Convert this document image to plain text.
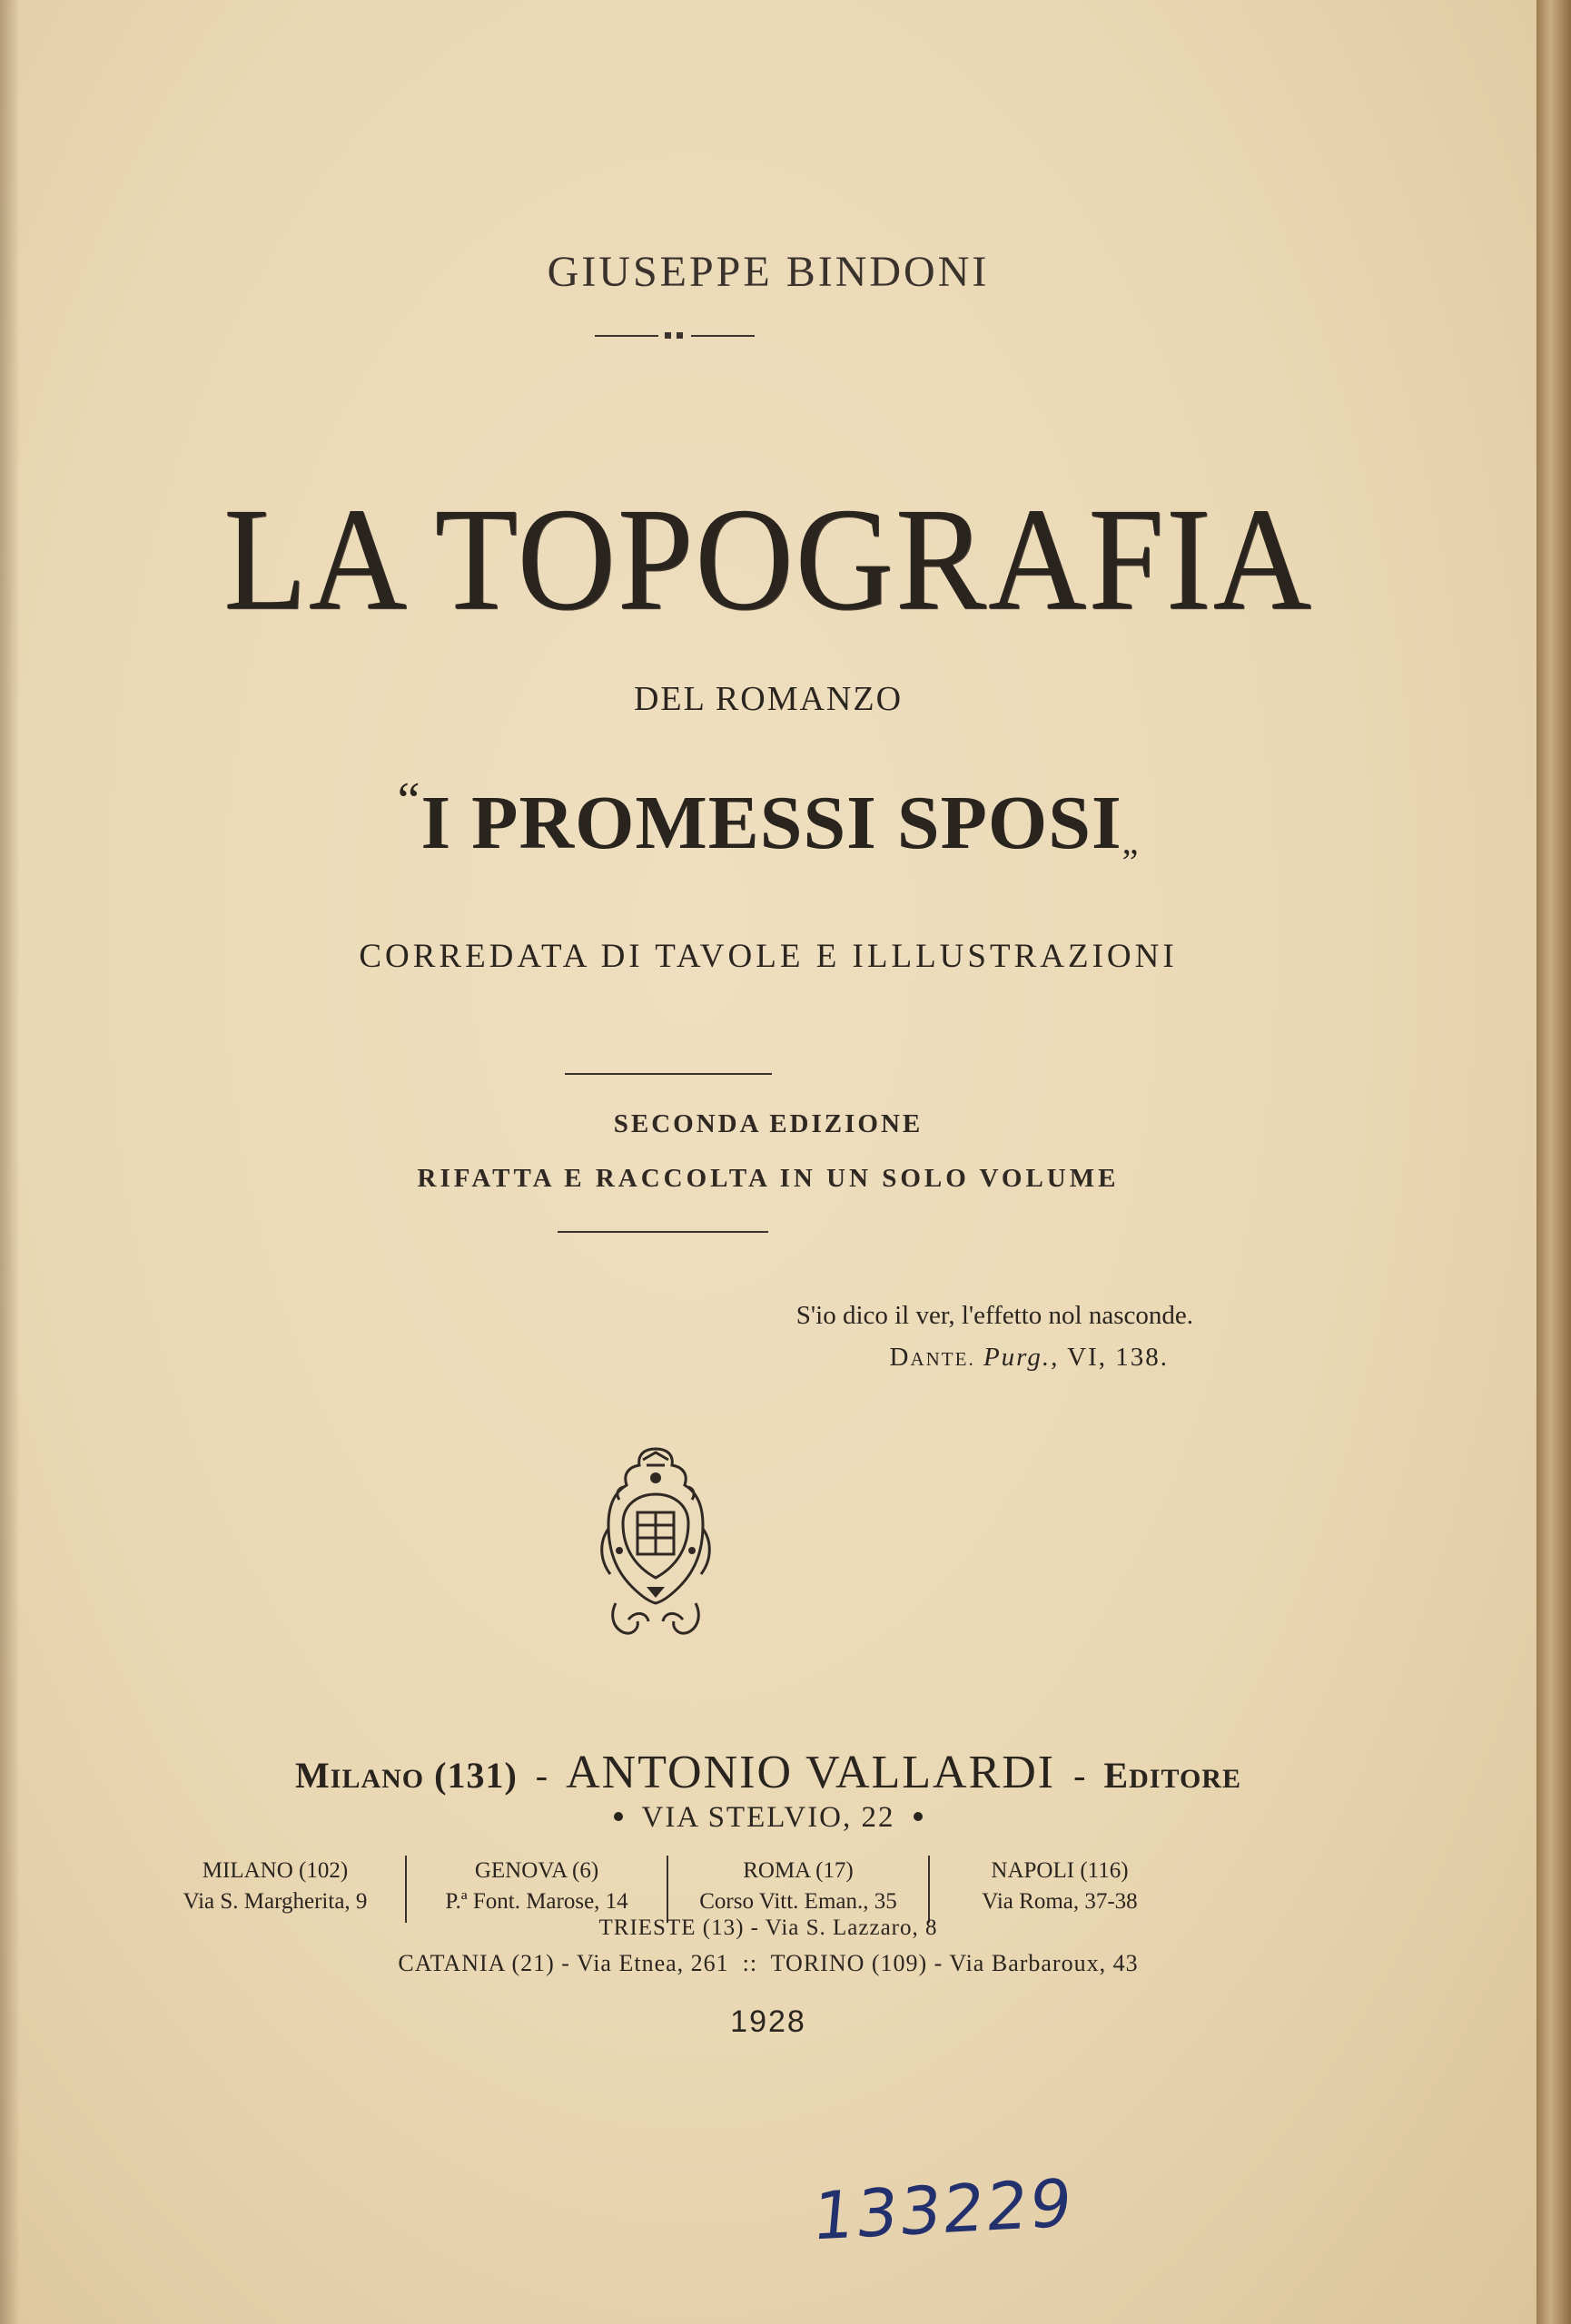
GIUSEPPE BINDONI
LA TOPOGRAFIA
DEL ROMANZO
“I PROMESSI SPOSI„
CORREDATA DI TAVOLE E ILLLUSTRAZIONI
SECONDA EDIZIONE
RIFATTA E RACCOLTA IN UN SOLO VOLUME
S'io dico il ver, l'effetto nol nasconde.
DANTE. Purg., VI, 138.
MILANO (131)  -  ANTONIO VALLARDI  -  EDITORE
VIA STELVIO, 22
MILANO (102)
Via S. Margherita, 9
GENOVA (6)
P.ª Font. Marose, 14
ROMA (17)
Corso Vitt. Eman., 35
NAPOLI (116)
Via Roma, 37-38
TRIESTE (13) - Via S. Lazzaro, 8
CATANIA (21) - Via Etnea, 261  ::  TORINO (109) - Via Barbaroux, 43
1928
133229
